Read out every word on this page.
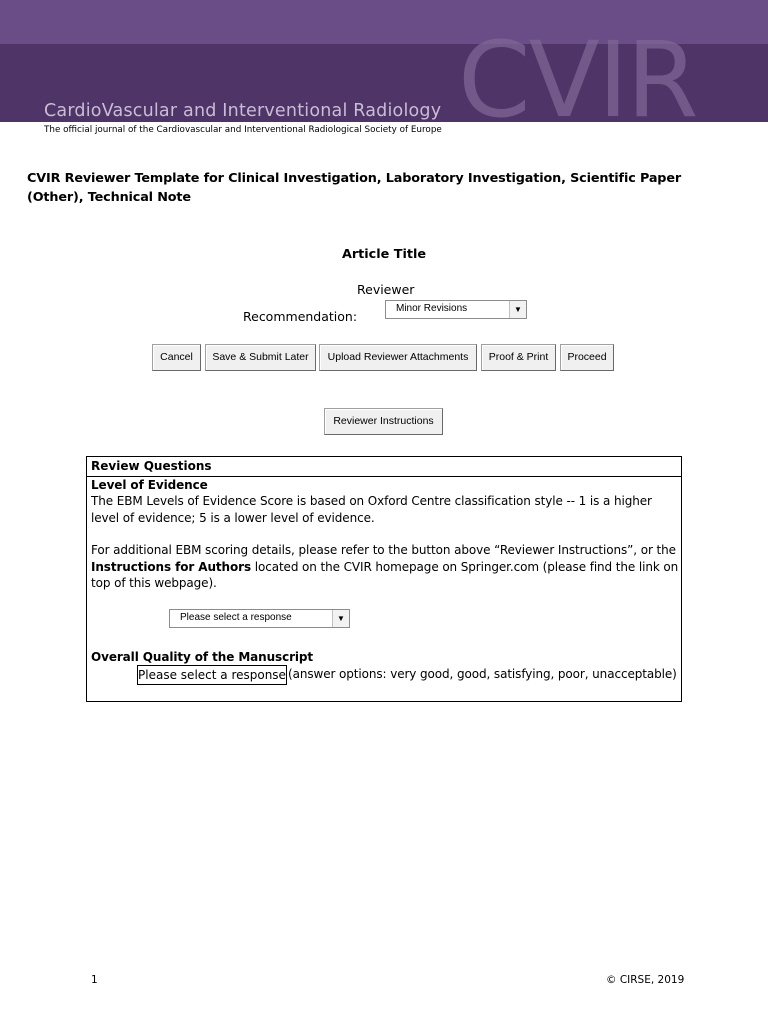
CVIR
CardioVascular and Interventional Radiology
The official journal of the Cardiovascular and Interventional Radiological Society of Europe
CVIR Reviewer Template for Clinical Investigation, Laboratory Investigation, Scientific Paper (Other), Technical Note
Article Title
Reviewer
Recommendation:
Minor Revisions	▼
Cancel	Save & Submit Later	Upload Reviewer Attachments	Proof & Print	Proceed
Reviewer Instructions
Review Questions
Level of Evidence
The EBM Levels of Evidence Score is based on Oxford Centre classification style -- 1 is a higher level of evidence; 5 is a lower level of evidence.
For additional EBM scoring details, please refer to the button above “Reviewer Instructions”, or the Instructions for Authors located on the CVIR homepage on Springer.com (please find the link on top of this webpage).
Please select a response	▼
Overall Quality of the Manuscript
Please select a response (answer options: very good, good, satisfying, poor, unacceptable)
1	© CIRSE, 2019
